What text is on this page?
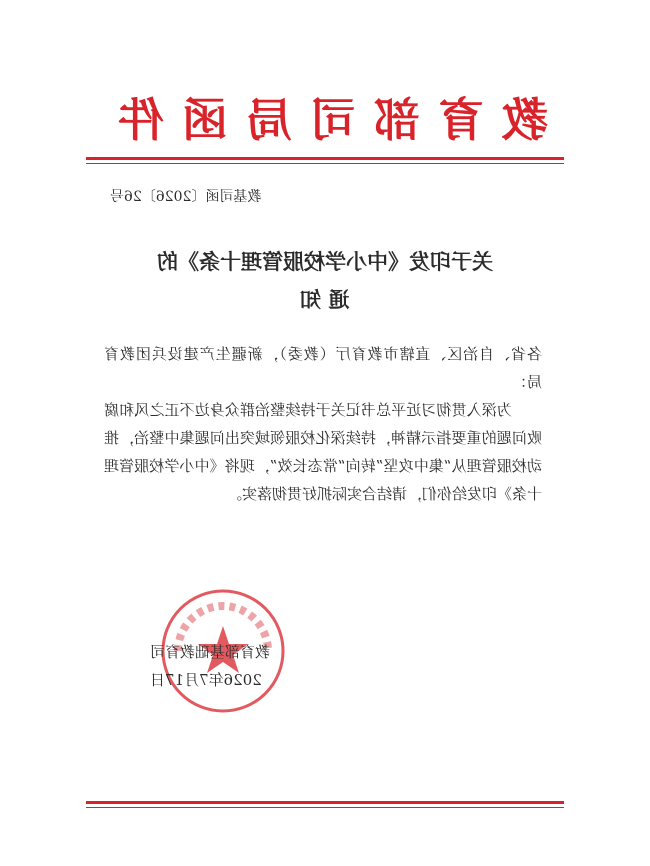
教育部司局函件
教基司函〔2026〕26号
关于印发《中小学校服管理十条》的
通 知

各省、自治区、直辖市教育厅（教委），新疆生产建设兵团教育局：

为深入贯彻习近平总书记关于持续整治群众身边不正之风和腐败问题的重要指示精神，持续深化校服领域突出问题集中整治，推动校服管理从“集中攻坚”转向“常态长效”，现将《中小学校服管理十条》印发给你们，请结合实际抓好贯彻落实。

教育部基础教育司
2026年7月17日
